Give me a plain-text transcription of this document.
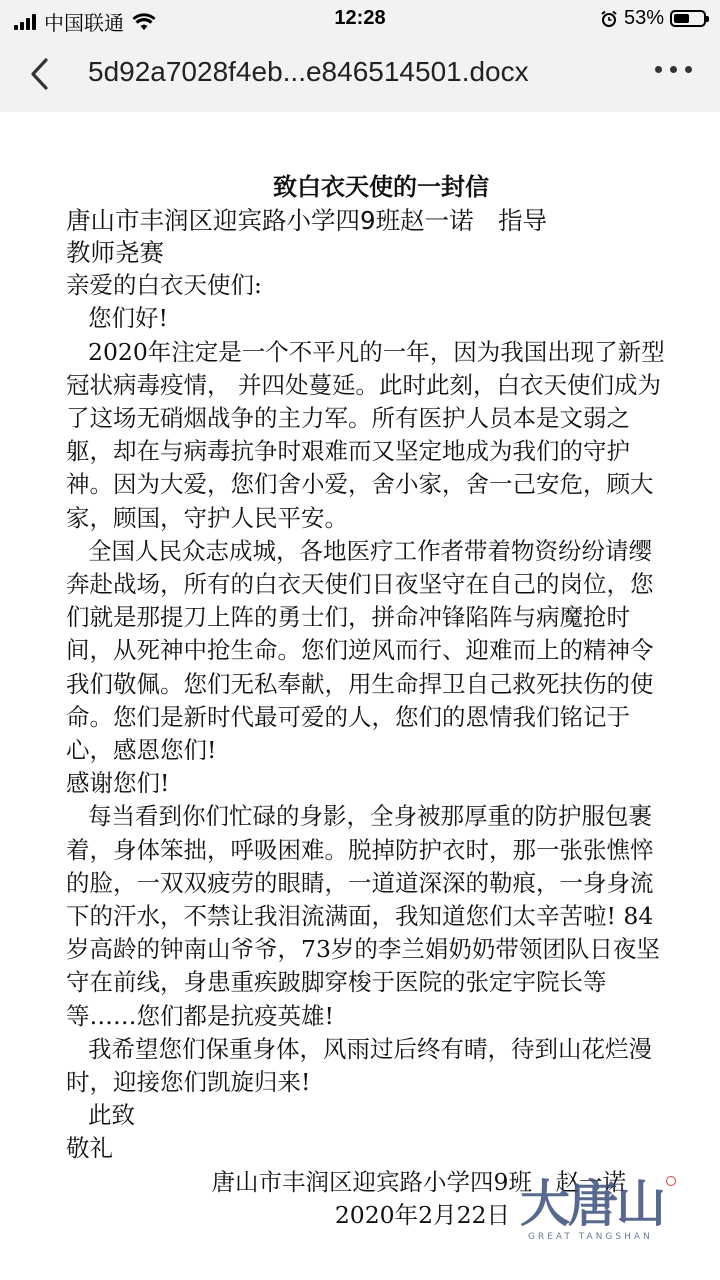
中国联通	12:28	53%
5d92a7028f4eb...e846514501.docx

致白衣天使的一封信

唐山市丰润区迎宾路小学四9班赵一诺　指导

教师尧赛

亲爱的白衣天使们:

您们好!

2020年注定是一个不平凡的一年，因为我国出现了新型冠状病毒疫情， 并四处蔓延。此时此刻，白衣天使们成为了这场无硝烟战争的主力军。所有医护人员本是文弱之躯，却在与病毒抗争时艰难而又坚定地成为我们的守护神。因为大爱，您们舍小爱，舍小家，舍一己安危，顾大家，顾国，守护人民平安。

全国人民众志成城，各地医疗工作者带着物资纷纷请缨奔赴战场，所有的白衣天使们日夜坚守在自己的岗位，您们就是那提刀上阵的勇士们，拼命冲锋陷阵与病魔抢时间，从死神中抢生命。您们逆风而行、迎难而上的精神令我们敬佩。您们无私奉献，用生命捍卫自己救死扶伤的使命。您们是新时代最可爱的人，您们的恩情我们铭记于心，感恩您们!

感谢您们!

每当看到你们忙碌的身影，全身被那厚重的防护服包裹着，身体笨拙，呼吸困难。脱掉防护衣时，那一张张憔悴的脸，一双双疲劳的眼睛，一道道深深的勒痕，一身身流下的汗水，不禁让我泪流满面，我知道您们太辛苦啦! 84岁高龄的钟南山爷爷，73岁的李兰娟奶奶带领团队日夜坚守在前线，身患重疾跛脚穿梭于医院的张定宇院长等等……您们都是抗疫英雄!

我希望您们保重身体，风雨过后终有晴，待到山花烂漫时，迎接您们凯旋归来!

此致

敬礼

唐山市丰润区迎宾路小学四9班　赵一诺

2020年2月22日 大唐山
GREAT TANGSHAN
